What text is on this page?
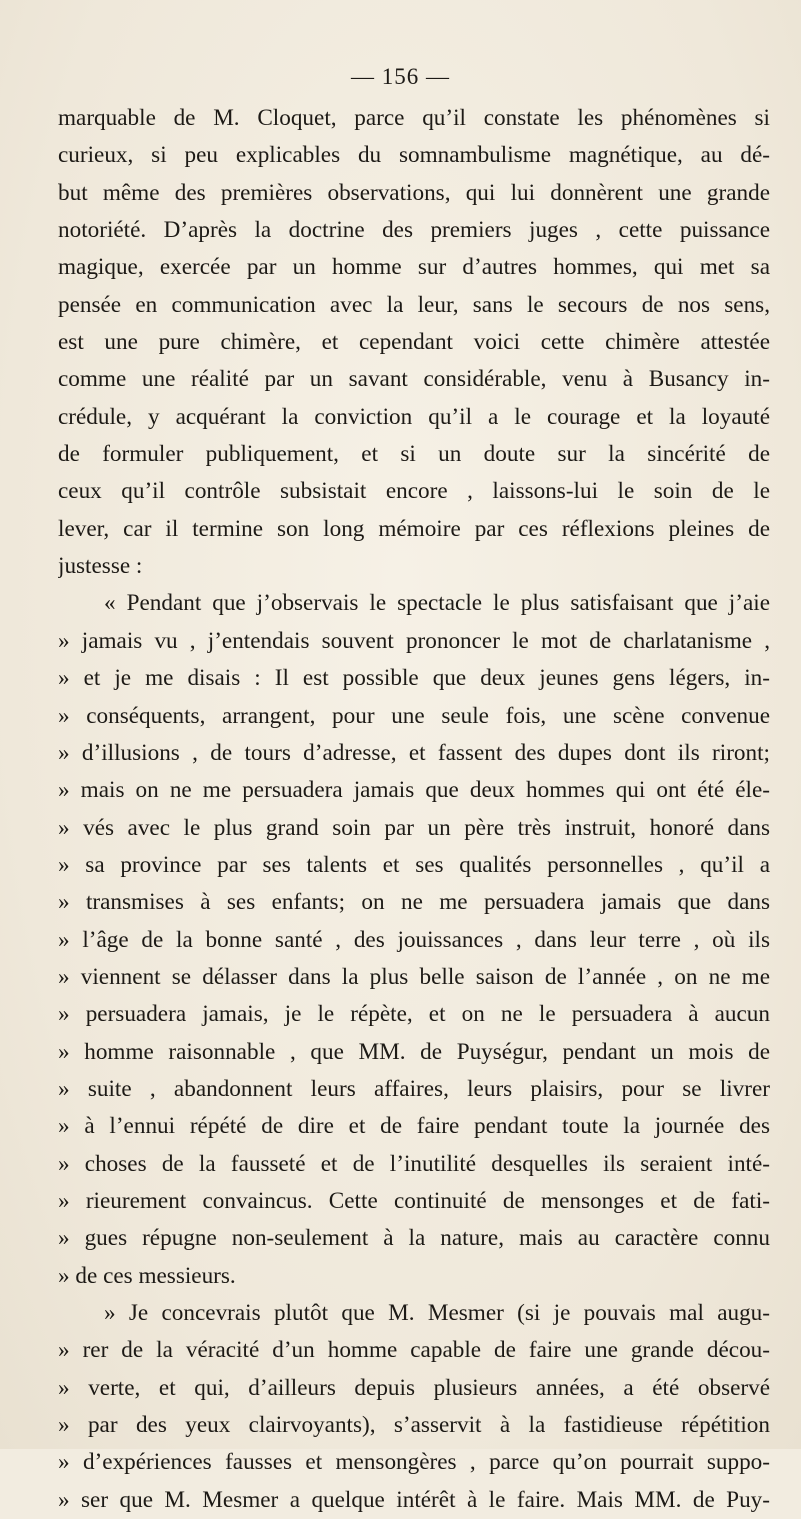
— 156 —
marquable de M. Cloquet, parce qu’il constate les phénomènes si
curieux, si peu explicables du somnambulisme magnétique, au dé-
but même des premières observations, qui lui donnèrent une grande
notoriété. D’après la doctrine des premiers juges , cette puissance
magique, exercée par un homme sur d’autres hommes, qui met sa
pensée en communication avec la leur, sans le secours de nos sens,
est une pure chimère, et cependant voici cette chimère attestée
comme une réalité par un savant considérable, venu à Busancy in-
crédule, y acquérant la conviction qu’il a le courage et la loyauté
de formuler publiquement, et si un doute sur la sincérité de
ceux qu’il contrôle subsistait encore , laissons-lui le soin de le
lever, car il termine son long mémoire par ces réflexions pleines de
justesse :
« Pendant que j’observais le spectacle le plus satisfaisant que j’aie
» jamais vu , j’entendais souvent prononcer le mot de charlatanisme ,
» et je me disais : Il est possible que deux jeunes gens légers, in-
» conséquents, arrangent, pour une seule fois, une scène convenue
» d’illusions , de tours d’adresse, et fassent des dupes dont ils riront;
» mais on ne me persuadera jamais que deux hommes qui ont été éle-
» vés avec le plus grand soin par un père très instruit, honoré dans
» sa province par ses talents et ses qualités personnelles , qu’il a
» transmises à ses enfants; on ne me persuadera jamais que dans
» l’âge de la bonne santé , des jouissances , dans leur terre , où ils
» viennent se délasser dans la plus belle saison de l’année , on ne me
» persuadera jamais, je le répète, et on ne le persuadera à aucun
» homme raisonnable , que MM. de Puységur, pendant un mois de
» suite , abandonnent leurs affaires, leurs plaisirs, pour se livrer
» à l’ennui répété de dire et de faire pendant toute la journée des
» choses de la fausseté et de l’inutilité desquelles ils seraient inté-
» rieurement convaincus. Cette continuité de mensonges et de fati-
» gues répugne non-seulement à la nature, mais au caractère connu
» de ces messieurs.
» Je concevrais plutôt que M. Mesmer (si je pouvais mal augu-
» rer de la véracité d’un homme capable de faire une grande décou-
» verte, et qui, d’ailleurs depuis plusieurs années, a été observé
» par des yeux clairvoyants), s’asservit à la fastidieuse répétition
» d’expériences fausses et mensongères , parce qu’on pourrait suppo-
» ser que M. Mesmer a quelque intérêt à le faire. Mais MM. de Puy-
